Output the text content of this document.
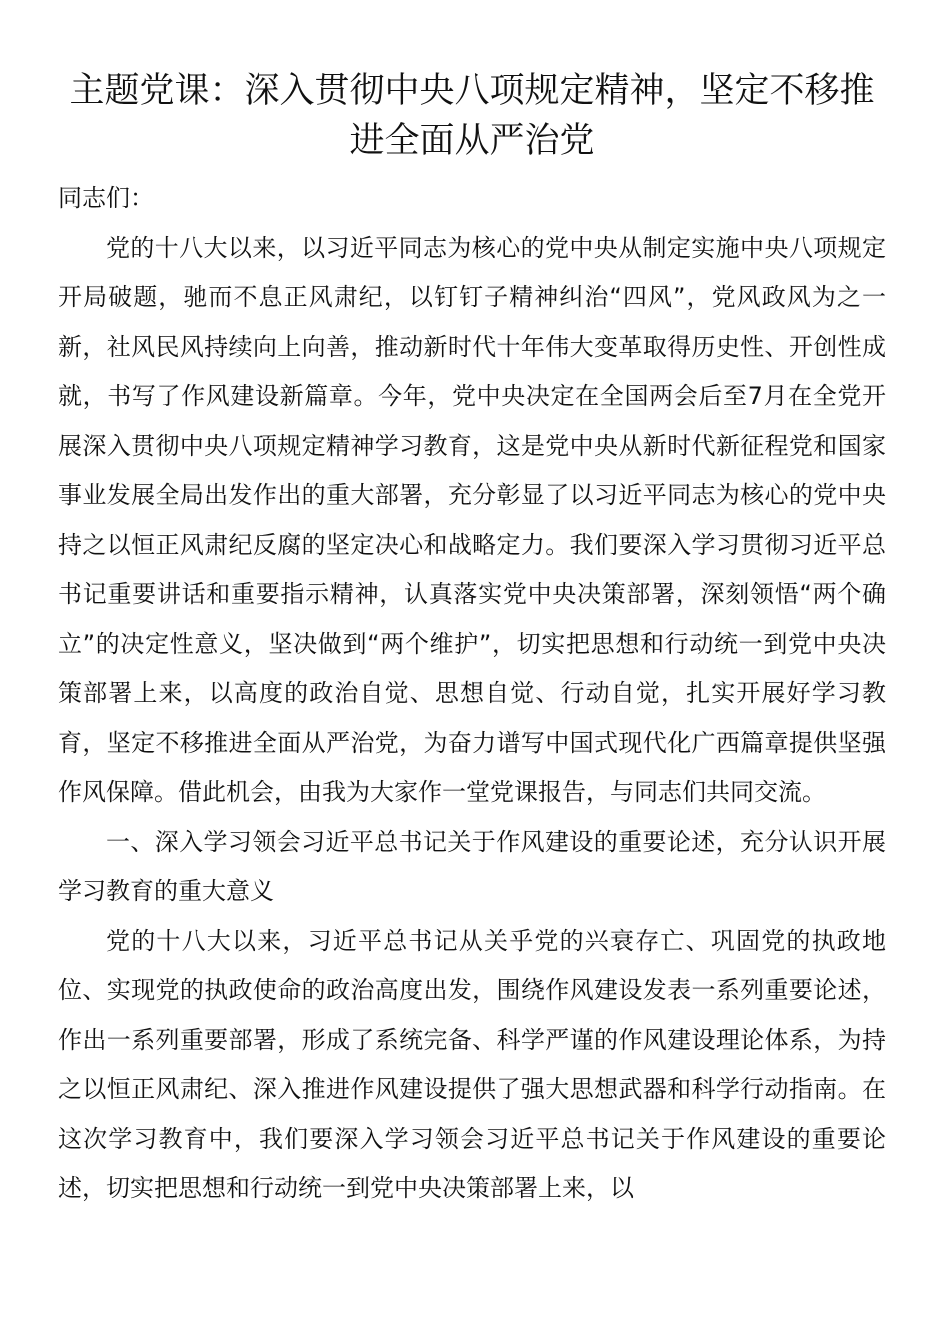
主题党课：深入贯彻中央八项规定精神，坚定不移推进全面从严治党

同志们：

党的十八大以来，以习近平同志为核心的党中央从制定实施中央八项规定开局破题，驰而不息正风肃纪，以钉钉子精神纠治“四风”，党风政风为之一新，社风民风持续向上向善，推动新时代十年伟大变革取得历史性、开创性成就，书写了作风建设新篇章。今年，党中央决定在全国两会后至7月在全党开展深入贯彻中央八项规定精神学习教育，这是党中央从新时代新征程党和国家事业发展全局出发作出的重大部署，充分彰显了以习近平同志为核心的党中央持之以恒正风肃纪反腐的坚定决心和战略定力。我们要深入学习贯彻习近平总书记重要讲话和重要指示精神，认真落实党中央决策部署，深刻领悟“两个确立”的决定性意义，坚决做到“两个维护”，切实把思想和行动统一到党中央决策部署上来，以高度的政治自觉、思想自觉、行动自觉，扎实开展好学习教育，坚定不移推进全面从严治党，为奋力谱写中国式现代化广西篇章提供坚强作风保障。借此机会，由我为大家作一堂党课报告，与同志们共同交流。

一、深入学习领会习近平总书记关于作风建设的重要论述，充分认识开展学习教育的重大意义

党的十八大以来，习近平总书记从关乎党的兴衰存亡、巩固党的执政地位、实现党的执政使命的政治高度出发，围绕作风建设发表一系列重要论述，作出一系列重要部署，形成了系统完备、科学严谨的作风建设理论体系，为持之以恒正风肃纪、深入推进作风建设提供了强大思想武器和科学行动指南。在这次学习教育中，我们要深入学习领会习近平总书记关于作风建设的重要论述，切实把思想和行动统一到党中央决策部署上来，以
